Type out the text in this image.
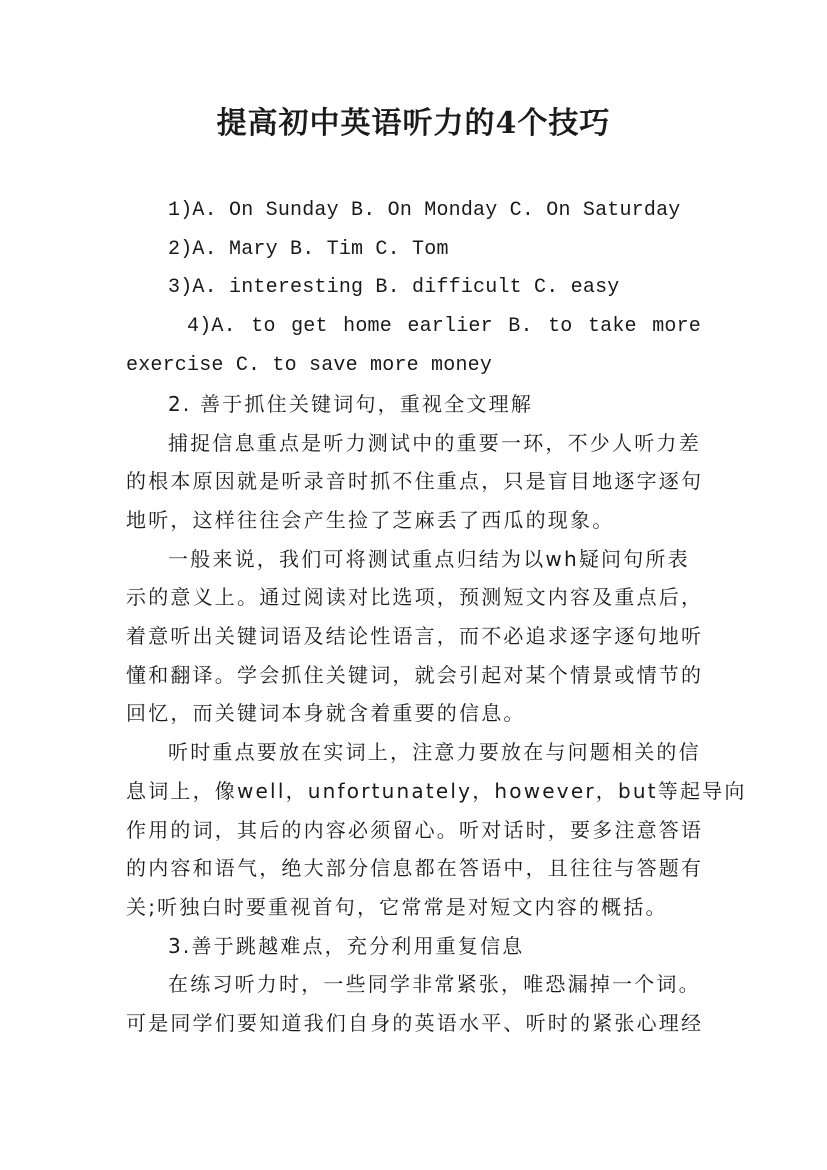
提高初中英语听力的4个技巧
1)A. On Sunday B. On Monday C. On Saturday
2)A. Mary B. Tim C. Tom
3)A. interesting B. difficult C. easy
4)A. to get home earlier B. to take more
exercise C. to save more money
2. 善于抓住关键词句，重视全文理解
捕捉信息重点是听力测试中的重要一环，不少人听力差
的根本原因就是听录音时抓不住重点，只是盲目地逐字逐句
地听，这样往往会产生捡了芝麻丢了西瓜的现象。
一般来说，我们可将测试重点归结为以wh疑问句所表
示的意义上。通过阅读对比选项，预测短文内容及重点后，
着意听出关键词语及结论性语言，而不必追求逐字逐句地听
懂和翻译。学会抓住关键词，就会引起对某个情景或情节的
回忆，而关键词本身就含着重要的信息。
听时重点要放在实词上，注意力要放在与问题相关的信
息词上，像well，unfortunately，however，but等起导向
作用的词，其后的内容必须留心。听对话时，要多注意答语
的内容和语气，绝大部分信息都在答语中，且往往与答题有
关;听独白时要重视首句，它常常是对短文内容的概括。
3.善于跳越难点，充分利用重复信息
在练习听力时，一些同学非常紧张，唯恐漏掉一个词。
可是同学们要知道我们自身的英语水平、听时的紧张心理经
